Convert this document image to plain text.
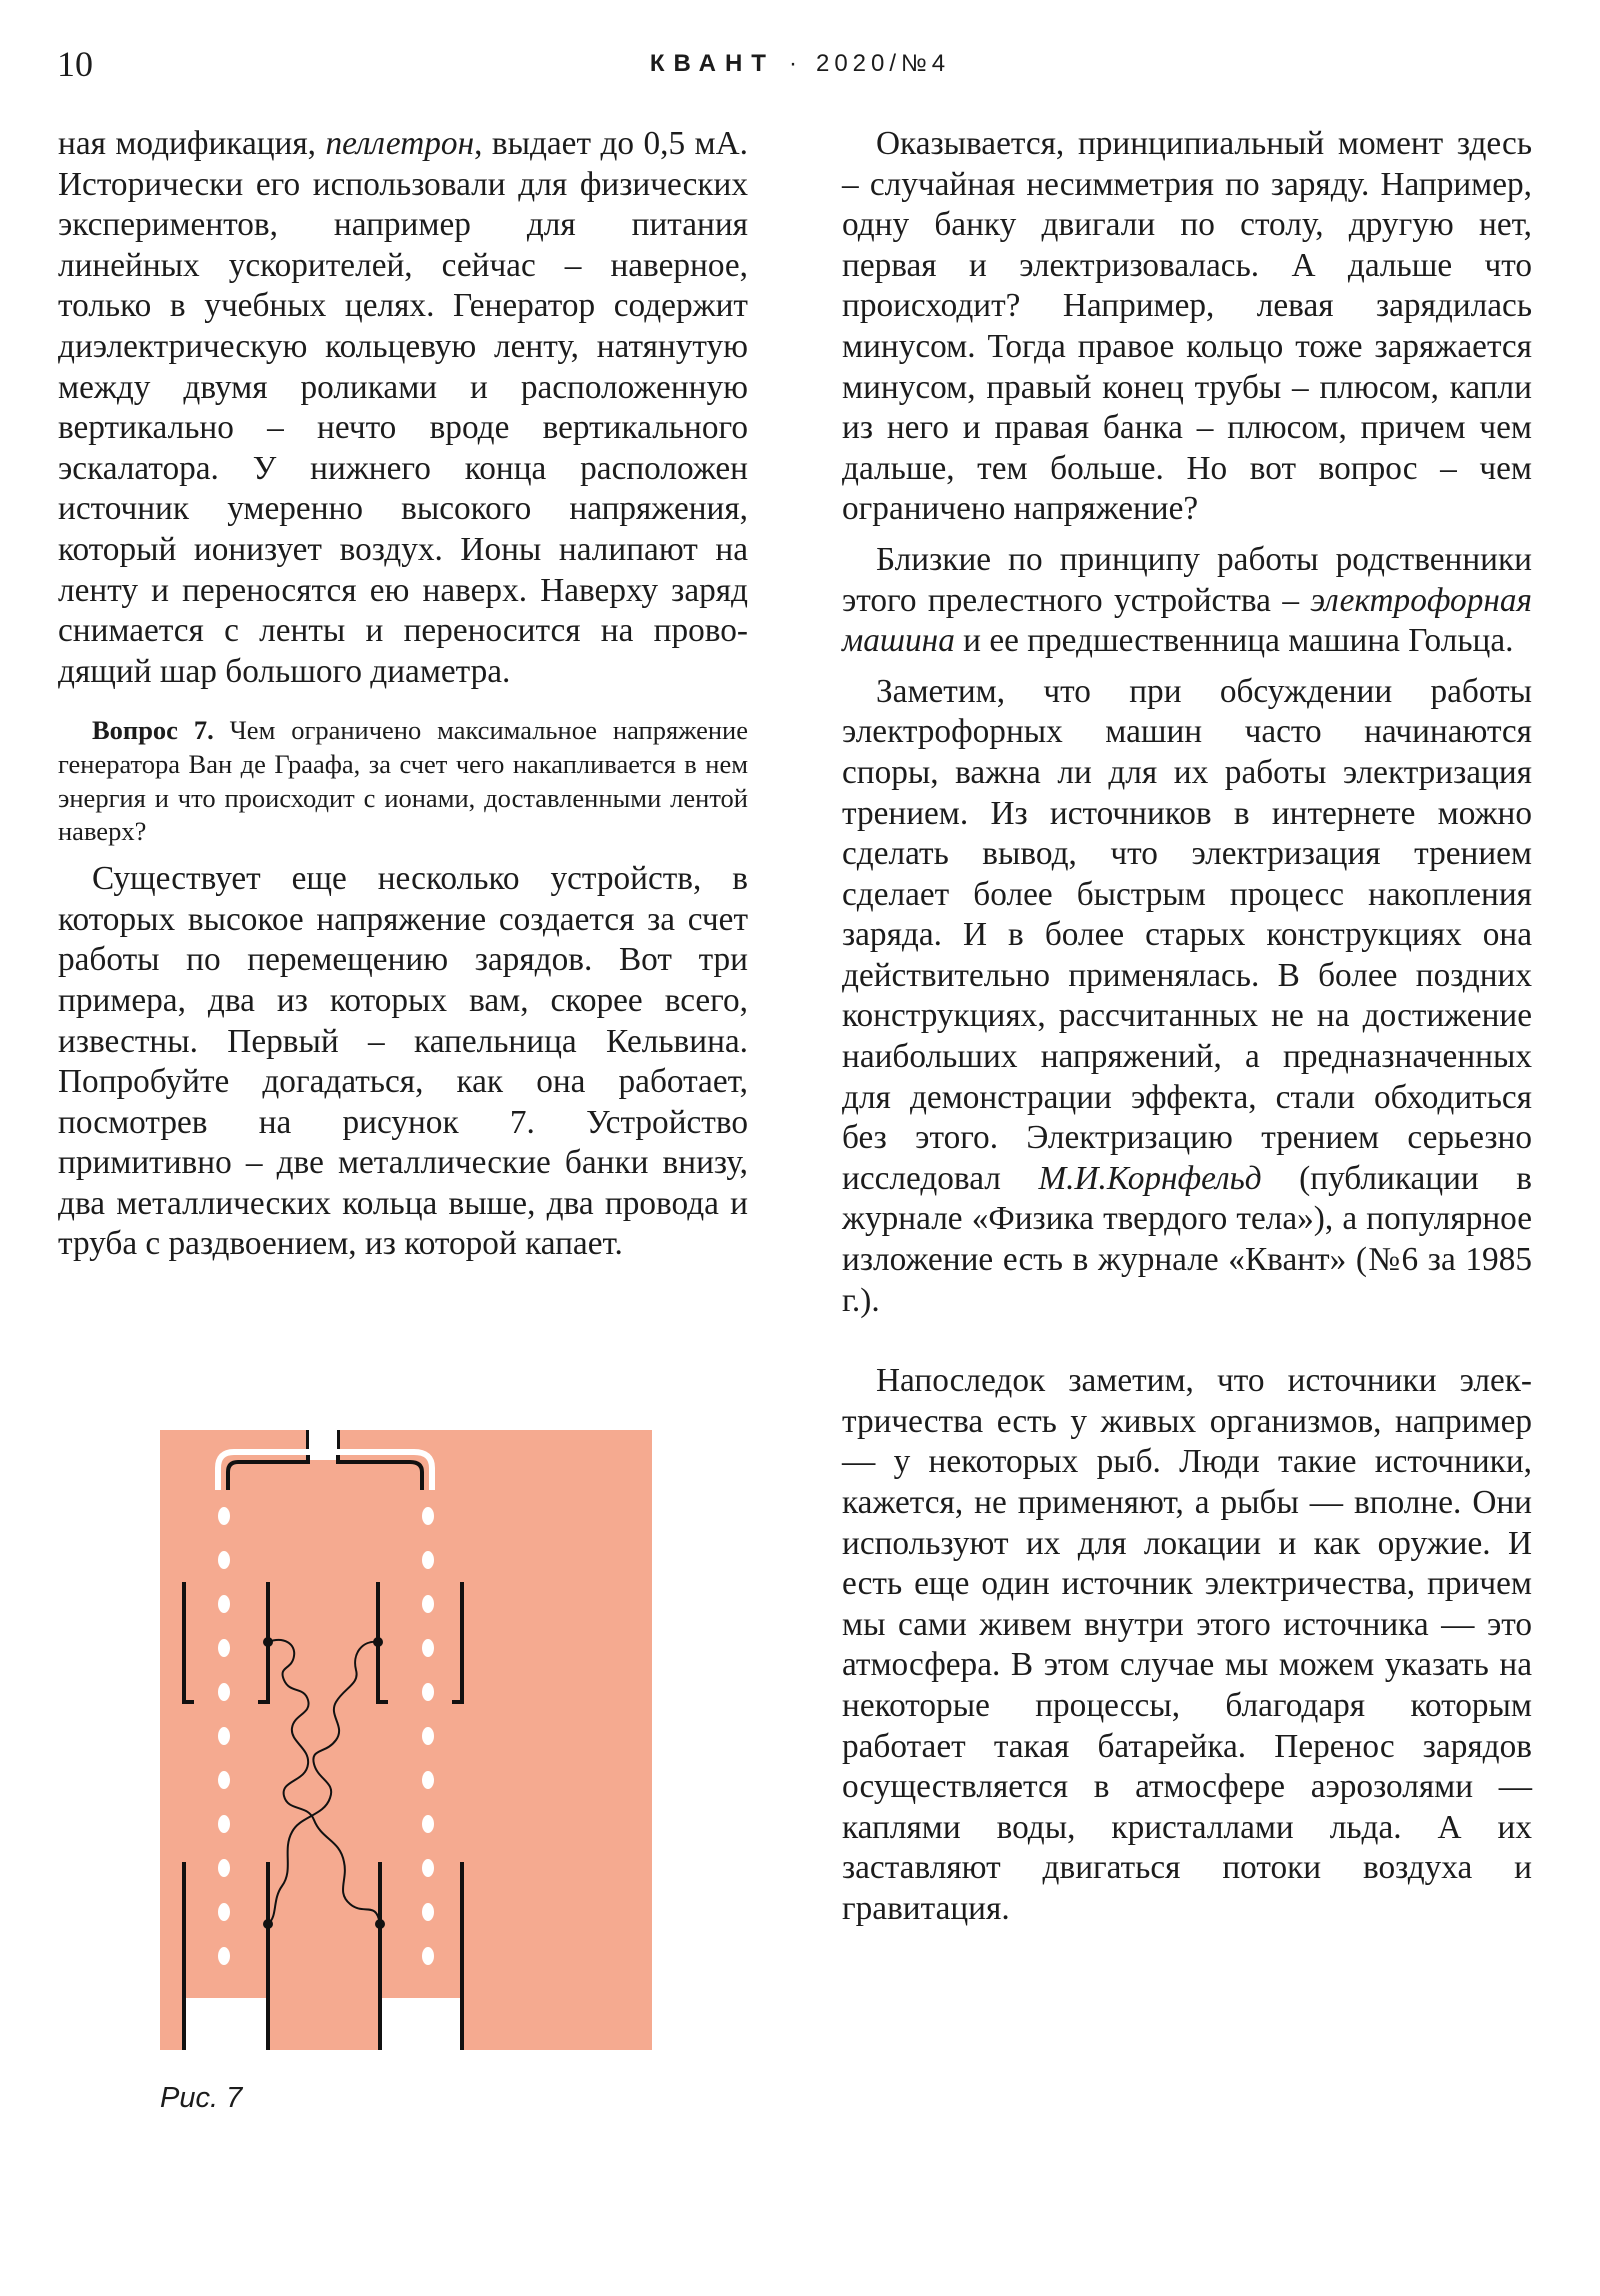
10	КВАНТ · 2020/№4

ная модификация, пеллетрон, выдает до 0,5 мА. Исторически его использовали для физических экспериментов, например для питания линейных ускорителей, сейчас – наверное, только в учебных целях. Генератор содержит диэлектрическую кольцевую ленту, натянутую между двумя роликами и расположенную вертикально – нечто вроде вертикального эскалатора. У нижнего конца расположен источник умеренно высокого напряжения, который ионизует воздух. Ионы налипают на ленту и переносятся ею наверх. Наверху заряд снимается с ленты и переносится на проводящий шар большого диаметра.

Вопрос 7. Чем ограничено максимальное напряжение генератора Ван де Граафа, за счет чего накапливается в нем энергия и что происходит с ионами, доставленными лентой наверх?

Существует еще несколько устройств, в которых высокое напряжение создается за счет работы по перемещению зарядов. Вот три примера, два из которых вам, скорее всего, известны. Первый – капельница Кельвина. Попробуйте догадаться, как она работает, посмотрев на рисунок 7. Устройство примитивно – две металлические банки внизу, два металлических кольца выше, два провода и труба с раздвоением, из которой капает.

Рис. 7

Оказывается, принципиальный момент здесь – случайная несимметрия по заряду. Например, одну банку двигали по столу, другую нет, первая и электризовалась. А дальше что происходит? Например, левая зарядилась минусом. Тогда правое кольцо тоже заряжается минусом, правый конец трубы – плюсом, капли из него и правая банка – плюсом, причем чем дальше, тем больше. Но вот вопрос – чем ограничено напряжение?

Близкие по принципу работы родственники этого прелестного устройства – электрофорная машина и ее предшественница машина Гольца.

Заметим, что при обсуждении работы электрофорных машин часто начинаются споры, важна ли для их работы электризация трением. Из источников в интернете можно сделать вывод, что электризация трением сделает более быстрым процесс накопления заряда. И в более старых конструкциях она действительно применялась. В более поздних конструкциях, рассчитанных не на достижение наибольших напряжений, а предназначенных для демонстрации эффекта, стали обходиться без этого. Электризацию трением серьезно исследовал М.И.Корнфельд (публикации в журнале «Физика твердого тела»), а популярное изложение есть в журнале «Квант» (№6 за 1985 г.).

Напоследок заметим, что источники электричества есть у живых организмов, например — у некоторых рыб. Люди такие источники, кажется, не применяют, а рыбы — вполне. Они используют их для локации и как оружие. И есть еще один источник электричества, причем мы сами живем внутри этого источника — это атмосфера. В этом случае мы можем указать на некоторые процессы, благодаря которым работает такая батарейка. Перенос зарядов осуществляется в атмосфере аэрозолями — каплями воды, кристаллами льда. А их заставляют двигаться потоки воздуха и гравитация.
